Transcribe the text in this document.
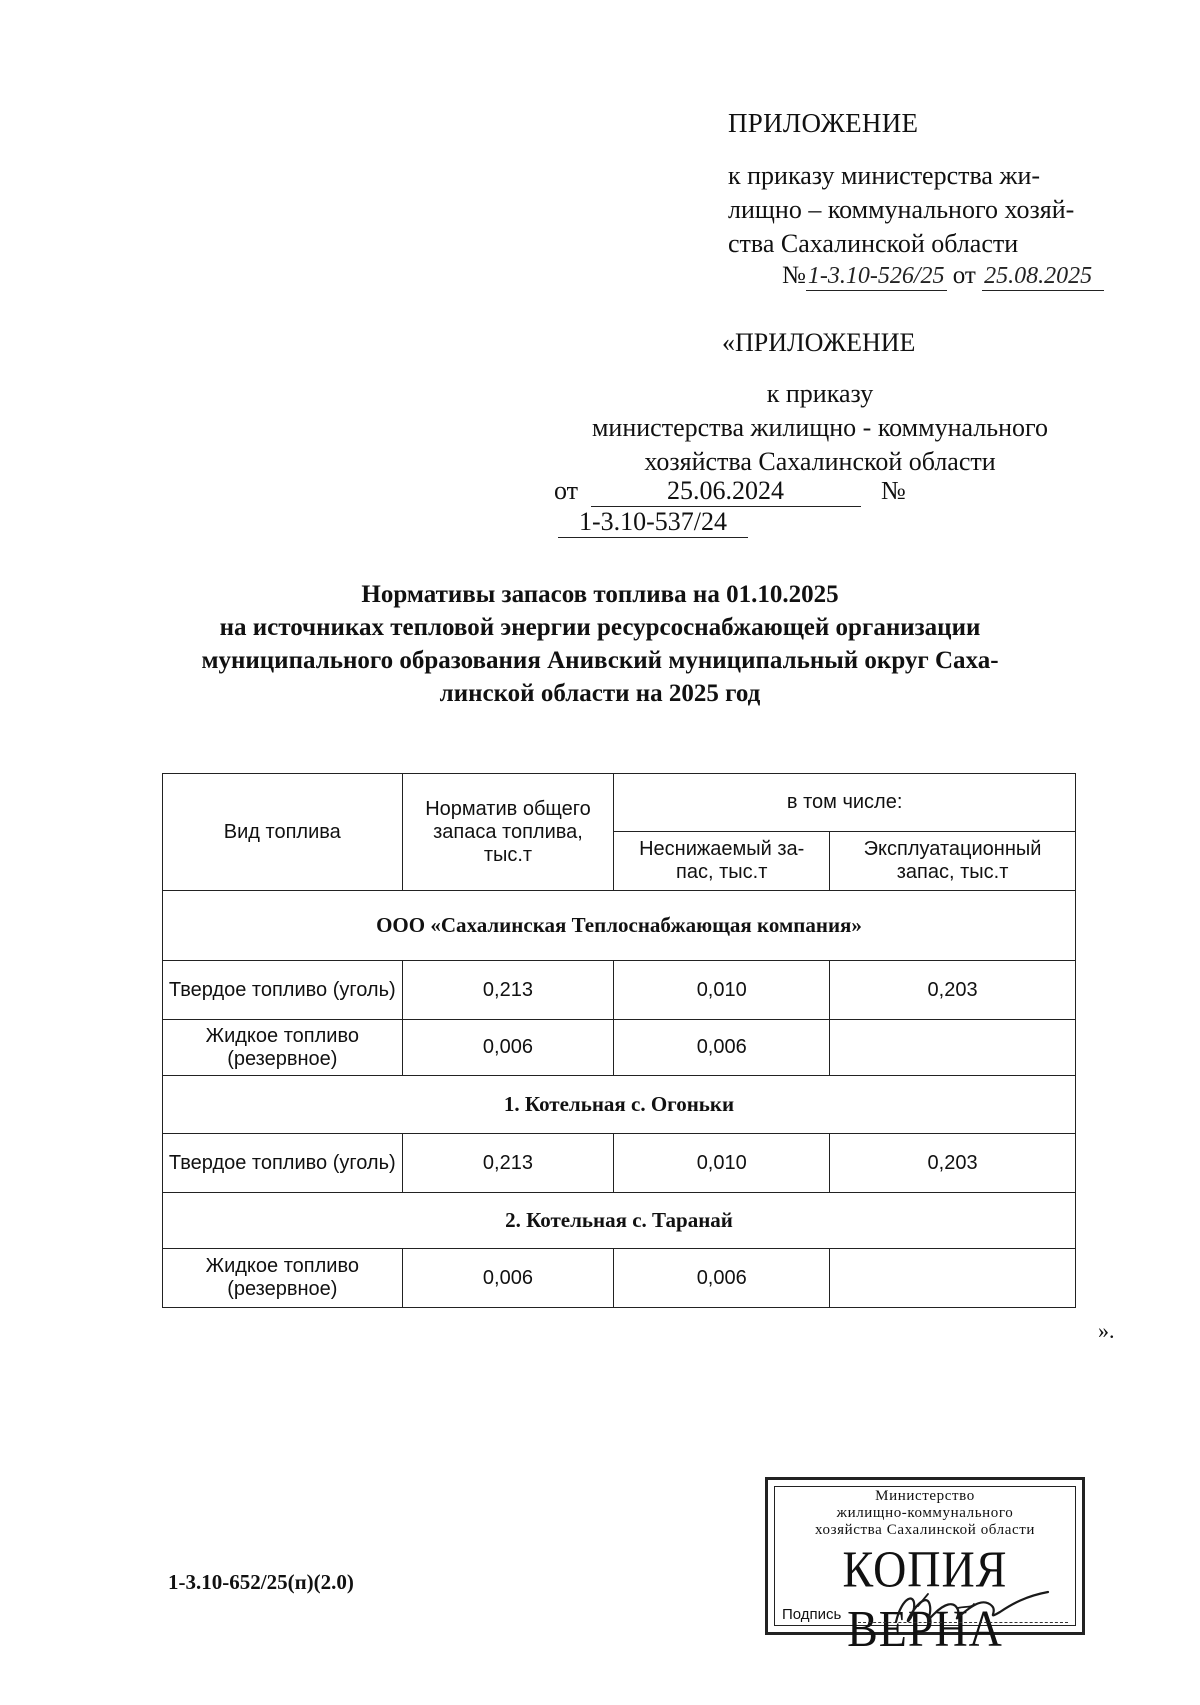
ПРИЛОЖЕНИЕ
к приказу министерства жи-
лищно – коммунального хозяй-
ства Сахалинской области
№1-3.10-526/25 от 25.08.2025
«ПРИЛОЖЕНИЕ
к приказу
министерства жилищно - коммунального
хозяйства Сахалинской области
от	25.06.2024	№ 1-3.10-537/24
Нормативы запасов топлива на 01.10.2025
на источниках тепловой энергии ресурсоснабжающей организации
муниципального образования Анивский муниципальный округ Саха-
линской области на 2025 год
Вид топлива	Норматив общего запаса топлива, тыс.т	в том числе:	
		Неснижаемый за-пас, тыс.т	Эксплуатационный запас, тыс.т
ООО «Сахалинская Теплоснабжающая компания»			
Твердое топливо (уголь)	0,213	0,010	0,203
Жидкое топливо (резервное)	0,006	0,006	
1. Котельная с. Огоньки			
Твердое топливо (уголь)	0,213	0,010	0,203
2. Котельная с. Таранай			
Жидкое топливо (резервное)	0,006	0,006	
».
1-3.10-652/25(п)(2.0)
Министерство
жилищно-коммунального
хозяйства Сахалинской области
КОПИЯ ВЕРНА
Подпись
